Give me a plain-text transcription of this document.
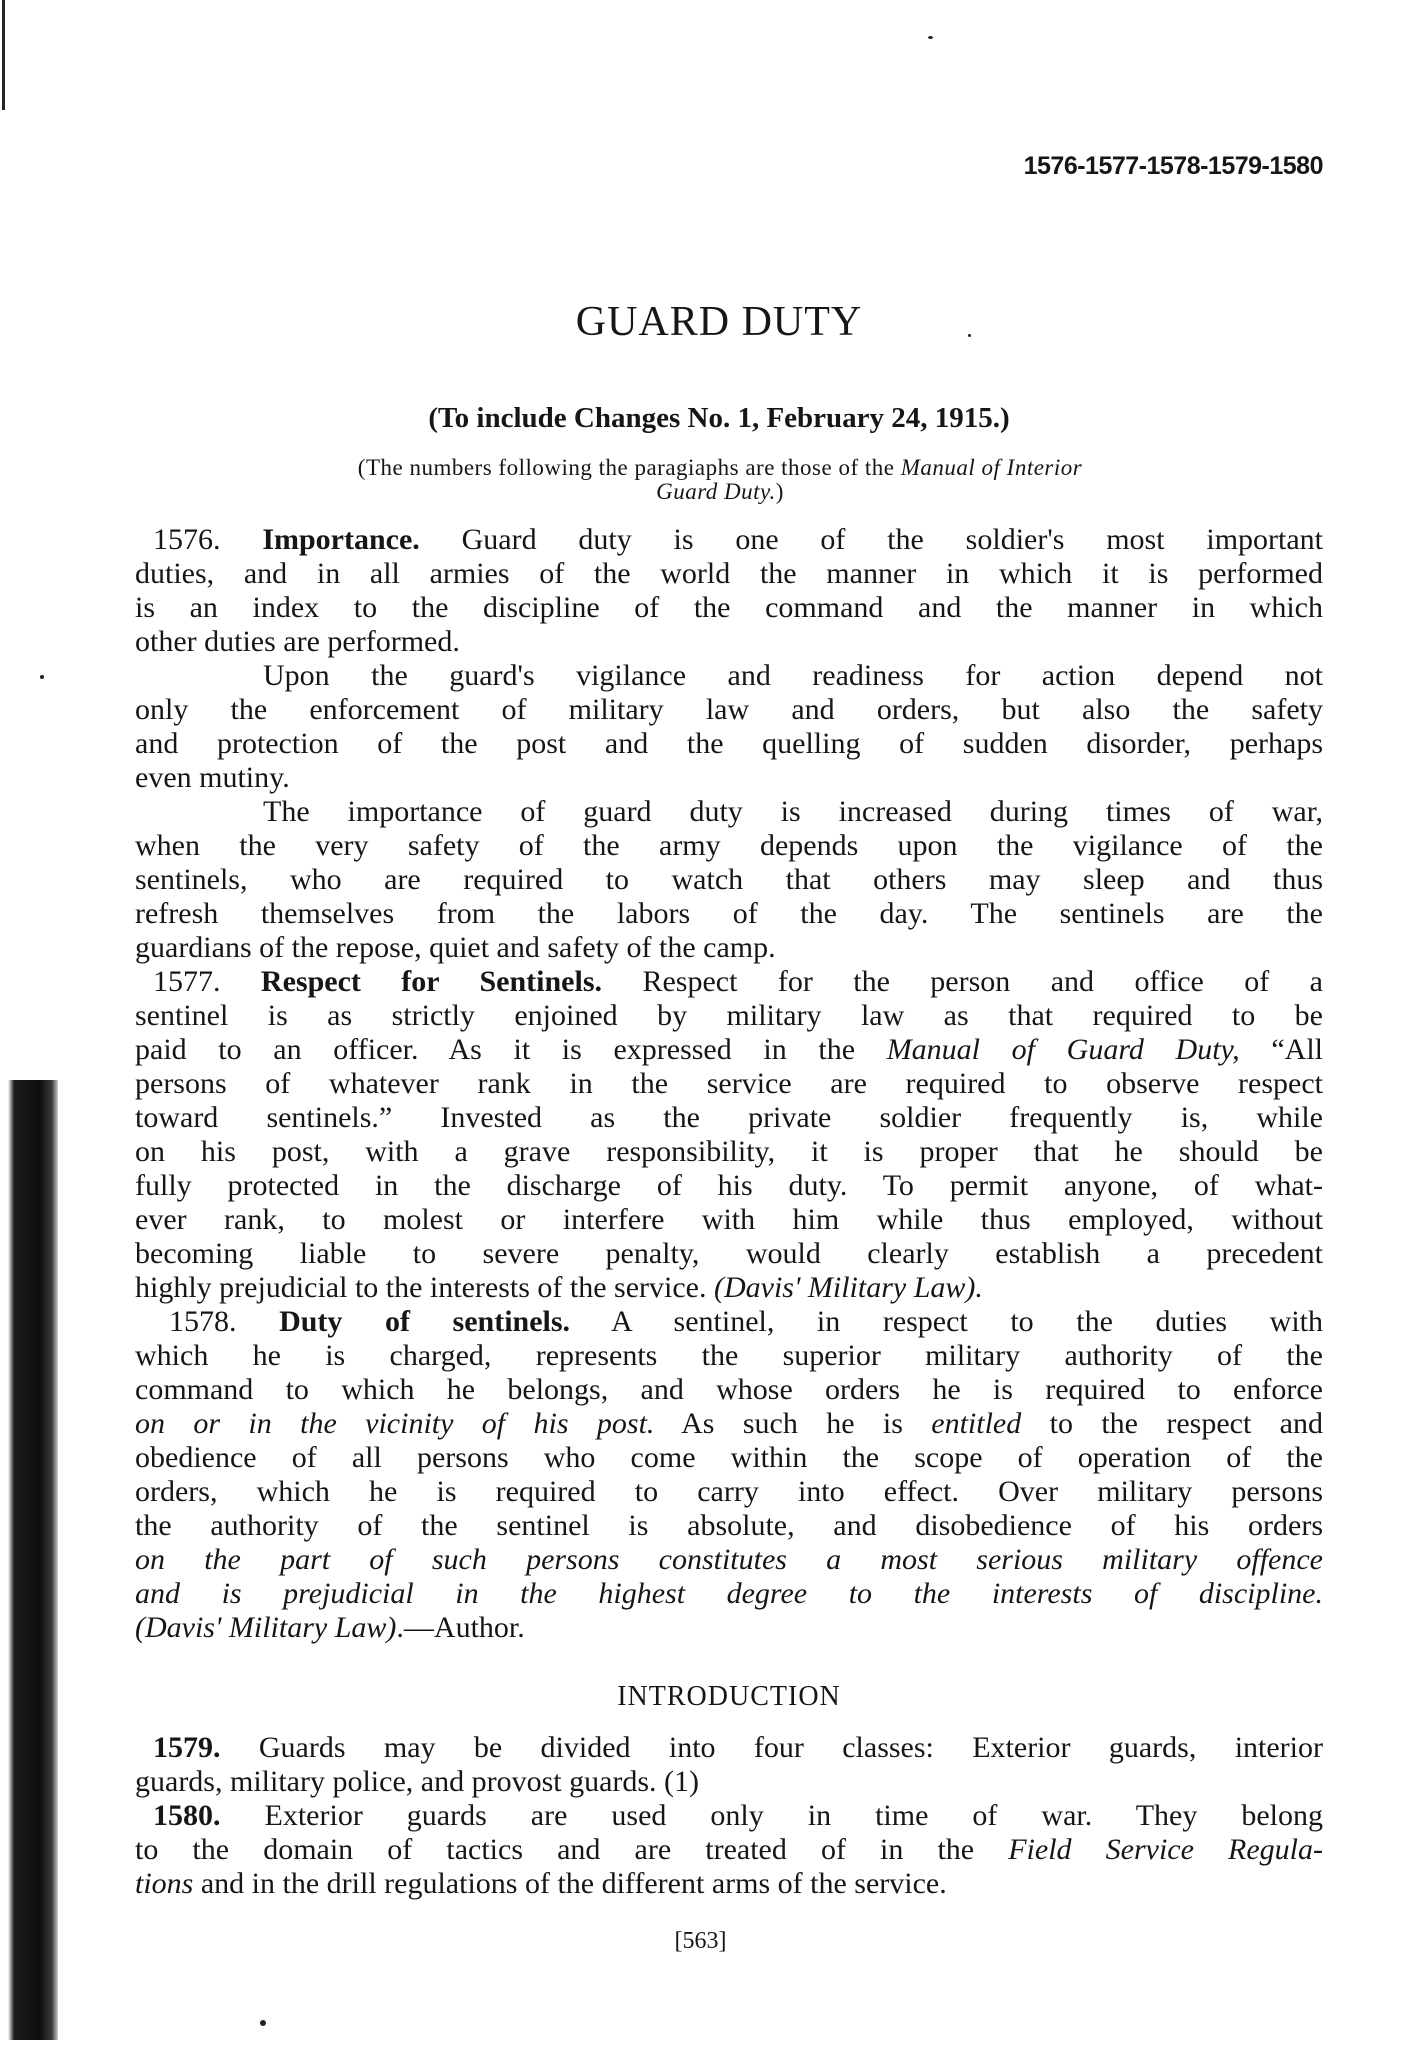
1576-1577-1578-1579-1580
GUARD DUTY
(To include Changes No. 1, February 24, 1915.)
(The numbers following the paragiaphs are those of the Manual of Interior
Guard Duty.)
1576. Importance. Guard duty is one of the soldier's most important
duties, and in all armies of the world the manner in which it is performed
is an index to the discipline of the command and the manner in which
other duties are performed.
Upon the guard's vigilance and readiness for action depend not
only the enforcement of military law and orders, but also the safety
and protection of the post and the quelling of sudden disorder, perhaps
even mutiny.
The importance of guard duty is increased during times of war,
when the very safety of the army depends upon the vigilance of the
sentinels, who are required to watch that others may sleep and thus
refresh themselves from the labors of the day. The sentinels are the
guardians of the repose, quiet and safety of the camp.
1577. Respect for Sentinels. Respect for the person and office of a
sentinel is as strictly enjoined by military law as that required to be
paid to an officer. As it is expressed in the Manual of Guard Duty, “All
persons of whatever rank in the service are required to observe respect
toward sentinels.” Invested as the private soldier frequently is, while
on his post, with a grave responsibility, it is proper that he should be
fully protected in the discharge of his duty. To permit anyone, of what-
ever rank, to molest or interfere with him while thus employed, without
becoming liable to severe penalty, would clearly establish a precedent
highly prejudicial to the interests of the service. (Davis' Military Law).
1578. Duty of sentinels. A sentinel, in respect to the duties with
which he is charged, represents the superior military authority of the
command to which he belongs, and whose orders he is required to enforce
on or in the vicinity of his post. As such he is entitled to the respect and
obedience of all persons who come within the scope of operation of the
orders, which he is required to carry into effect. Over military persons
the authority of the sentinel is absolute, and disobedience of his orders
on the part of such persons constitutes a most serious military offence
and is prejudicial in the highest degree to the interests of discipline.
(Davis' Military Law).—Author.
INTRODUCTION
1579. Guards may be divided into four classes: Exterior guards, interior
guards, military police, and provost guards. (1)
1580. Exterior guards are used only in time of war. They belong
to the domain of tactics and are treated of in the Field Service Regula-
tions and in the drill regulations of the different arms of the service.
[563]
